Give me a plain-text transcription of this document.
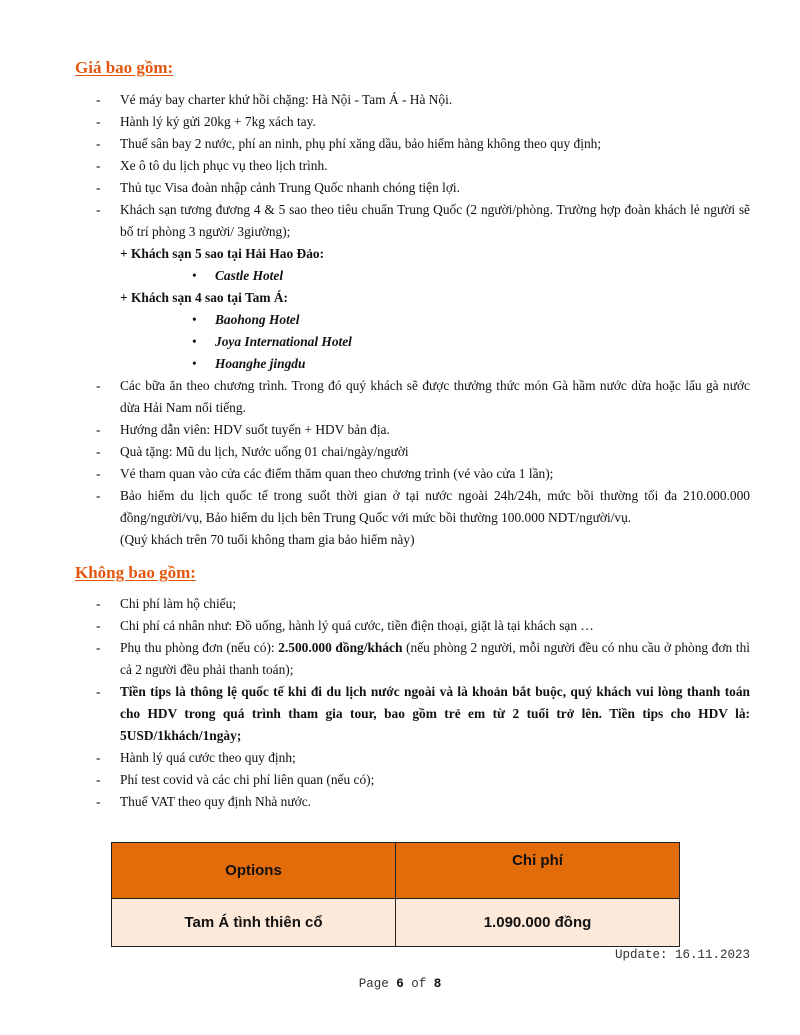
Giá bao gồm:
- Vé máy bay charter khứ hồi chặng: Hà Nội - Tam Á - Hà Nội.
- Hành lý ký gửi 20kg + 7kg xách tay.
- Thuế sân bay 2 nước, phí an ninh, phụ phí xăng dầu, bảo hiểm hàng không theo quy định;
- Xe ô tô du lịch phục vụ theo lịch trình.
- Thủ tục Visa đoàn nhập cảnh Trung Quốc nhanh chóng tiện lợi.
- Khách sạn tương đương 4 & 5 sao theo tiêu chuẩn Trung Quốc (2 người/phòng. Trường hợp đoàn khách lẻ người sẽ bố trí phòng 3 người/ 3giường);
+ Khách sạn 5 sao tại Hải Hao Đảo:
• Castle Hotel
+ Khách sạn 4 sao tại Tam Á:
• Baohong Hotel
• Joya International Hotel
• Hoanghe jingdu
- Các bữa ăn theo chương trình. Trong đó quý khách sẽ được thưởng thức món Gà hầm nước dừa hoặc lẩu gà nước dừa Hải Nam nổi tiếng.
- Hướng dẫn viên: HDV suốt tuyến + HDV bản địa.
- Quà tặng: Mũ du lịch, Nước uống 01 chai/ngày/người
- Vé tham quan vào cửa các điểm thăm quan theo chương trình (vé vào cửa 1 lần);
- Bảo hiểm du lịch quốc tế trong suốt thời gian ở tại nước ngoài 24h/24h, mức bồi thường tối đa 210.000.000 đồng/người/vụ, Bảo hiểm du lịch bên Trung Quốc với mức bồi thường 100.000 NDT/người/vụ.
(Quý khách trên 70 tuổi không tham gia bảo hiểm này)
Không bao gồm:
- Chi phí làm hộ chiếu;
- Chi phí cá nhân như: Đồ uống, hành lý quá cước, tiền điện thoại, giặt là tại khách sạn …
- Phụ thu phòng đơn (nếu có): 2.500.000 đồng/khách (nếu phòng 2 người, mỗi người đều có nhu cầu ở phòng đơn thì cả 2 người đều phải thanh toán);
- Tiền tips là thông lệ quốc tế khi đi du lịch nước ngoài và là khoản bắt buộc, quý khách vui lòng thanh toán cho HDV trong quá trình tham gia tour, bao gồm trẻ em từ 2 tuổi trở lên. Tiền tips cho HDV là: 5USD/1khách/1ngày;
- Hành lý quá cước theo quy định;
- Phí test covid và các chi phí liên quan (nếu có);
- Thuế VAT theo quy định Nhà nước.
Options	Chi phí
Tam Á tình thiên cổ	1.090.000 đồng
Update: 16.11.2023
Page 6 of 8
